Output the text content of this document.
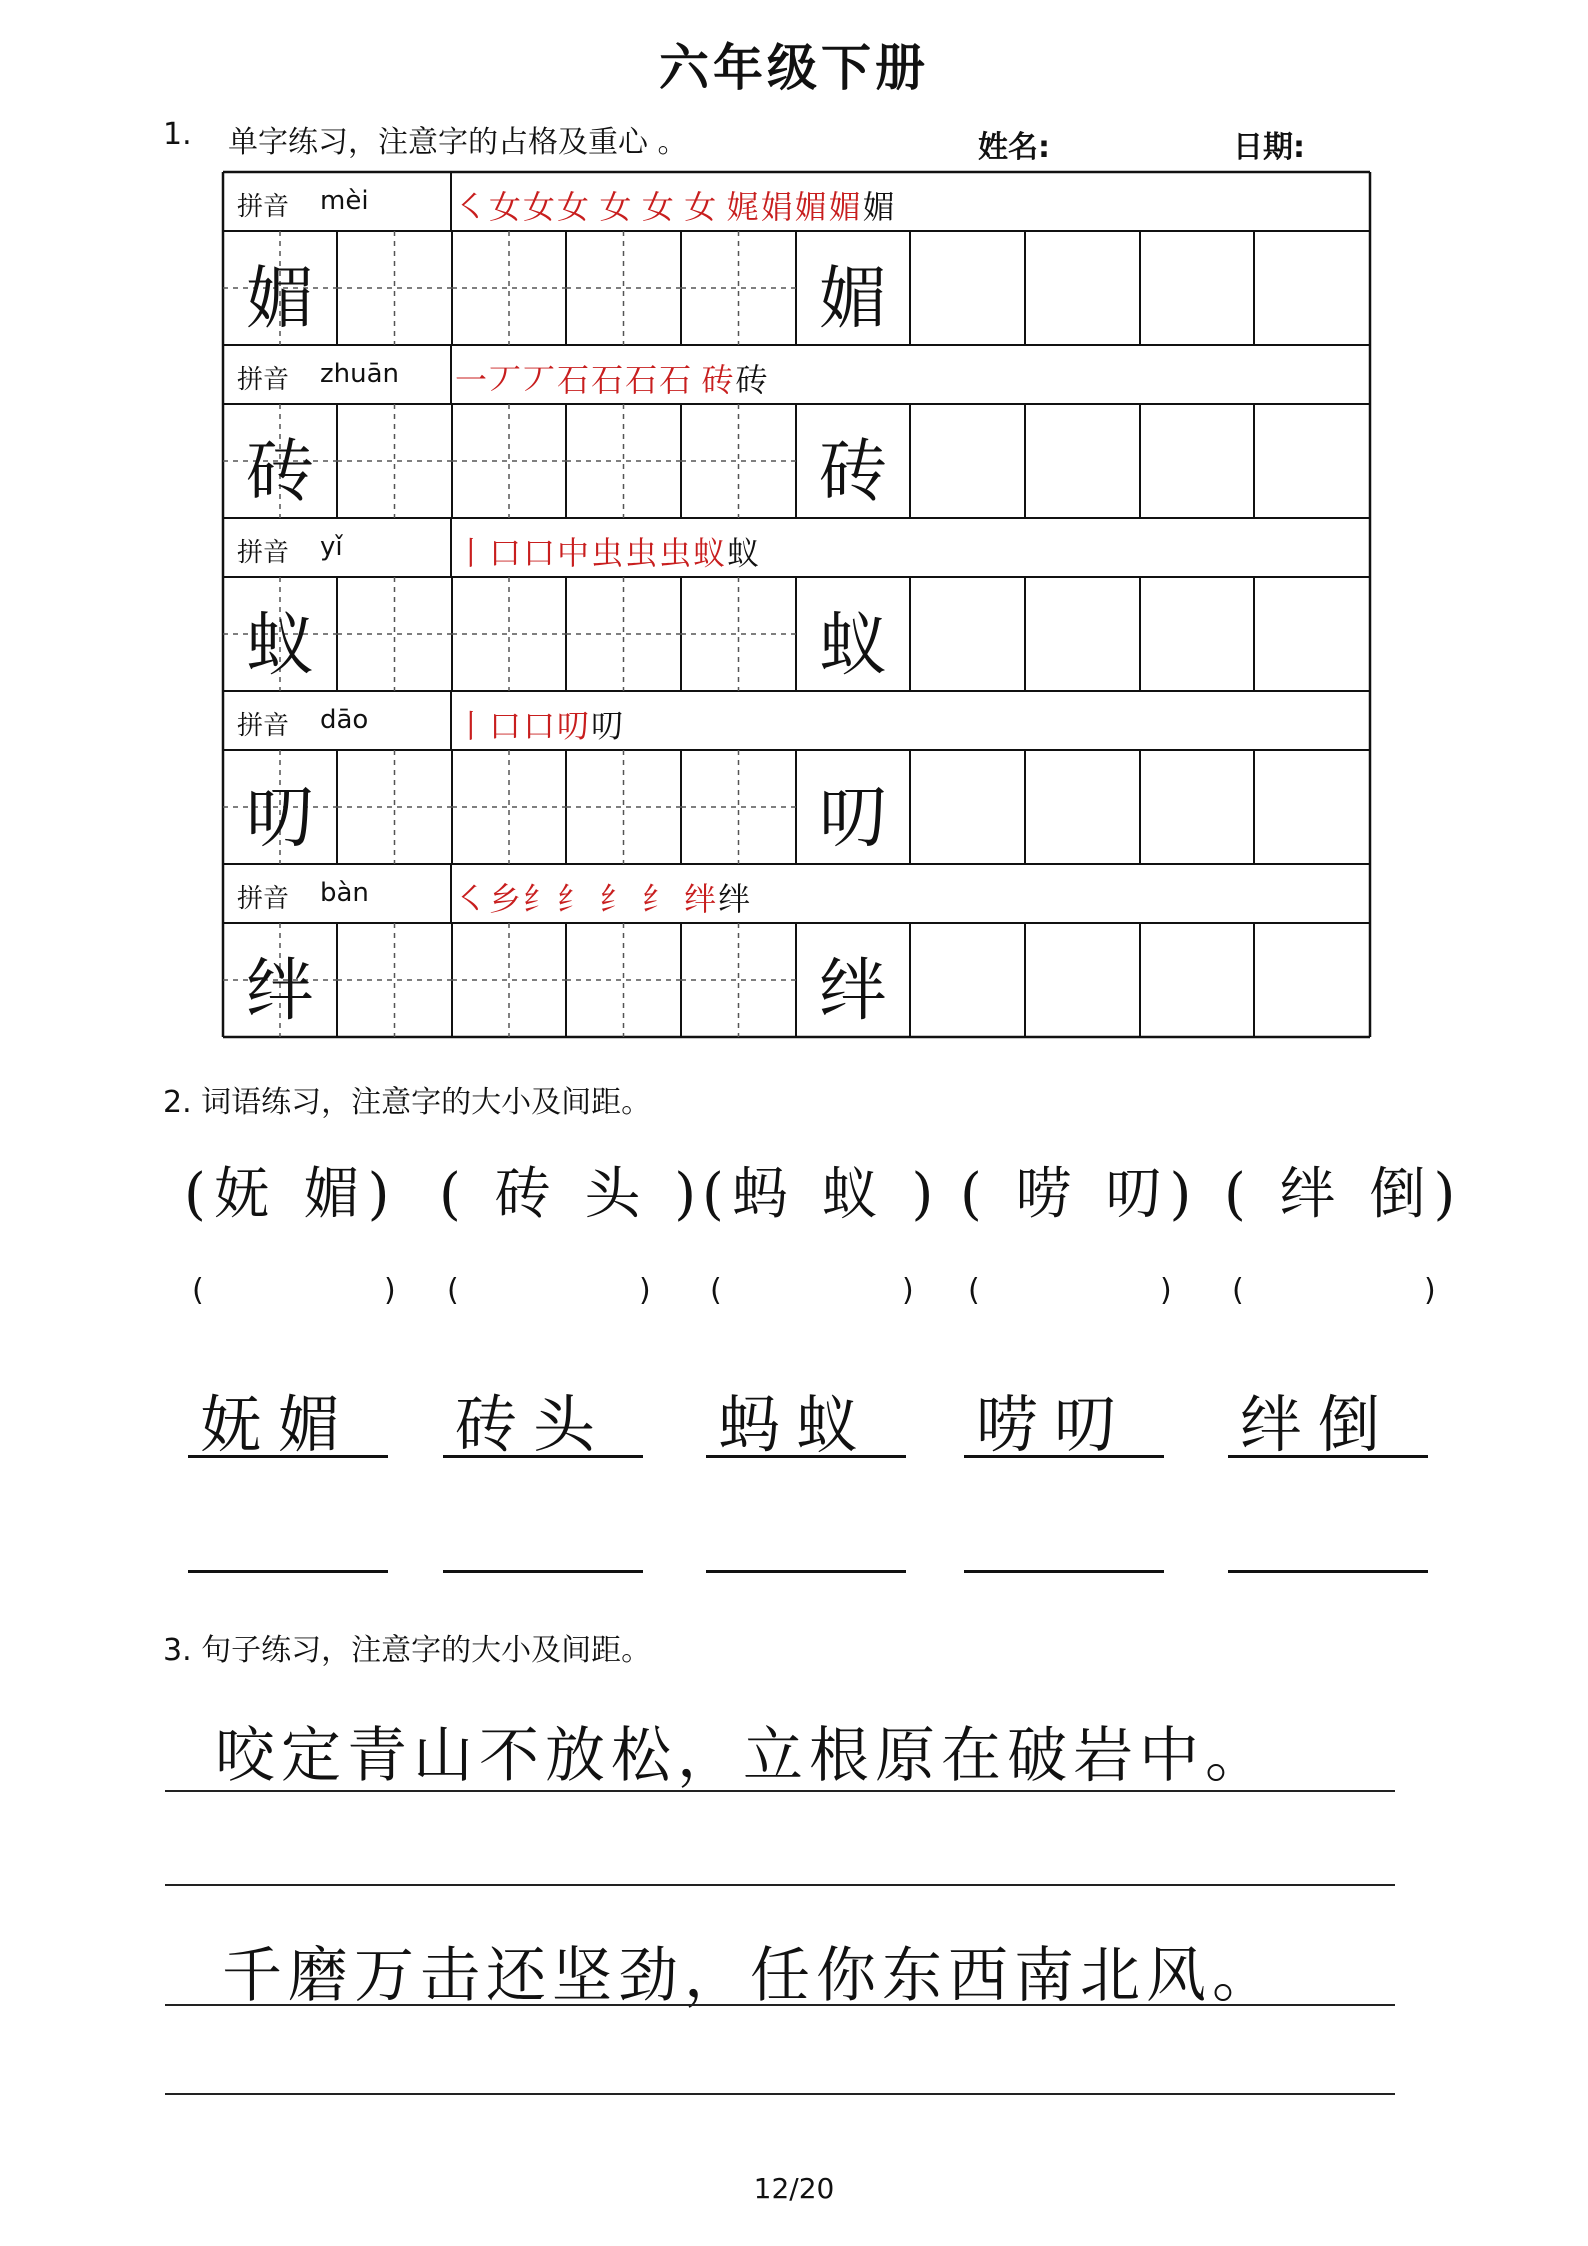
六年级下册
1. 单字练习，注意字的占格及重心 。	姓名:	日期:
拼音 mèi	㇛女女女 女 女 女 娓娟媚媚媚
媚	媚
拼音 zhuān 一丆丆石石石石 砖砖
砖	砖
拼音 yǐ	丨口口中虫虫虫蚁蚁
蚁	蚁
拼音 dāo	丨口口叨叨
叨	叨
拼音 bàn	㇛乡纟纟 纟 纟 绊绊
绊	绊
2. 词语练习，注意字的大小及间距。
(妩 媚)
(	)
妩媚
( 砖 头 )
(	)
砖头
(蚂 蚁 )
(	)
蚂蚁
( 唠 叨)
(	)
唠叨
( 绊 倒)
(	)
绊倒
3. 句子练习，注意字的大小及间距。
咬定青山不放松，立根原在破岩中。
千磨万击还坚劲，任你东西南北风。
12/20
